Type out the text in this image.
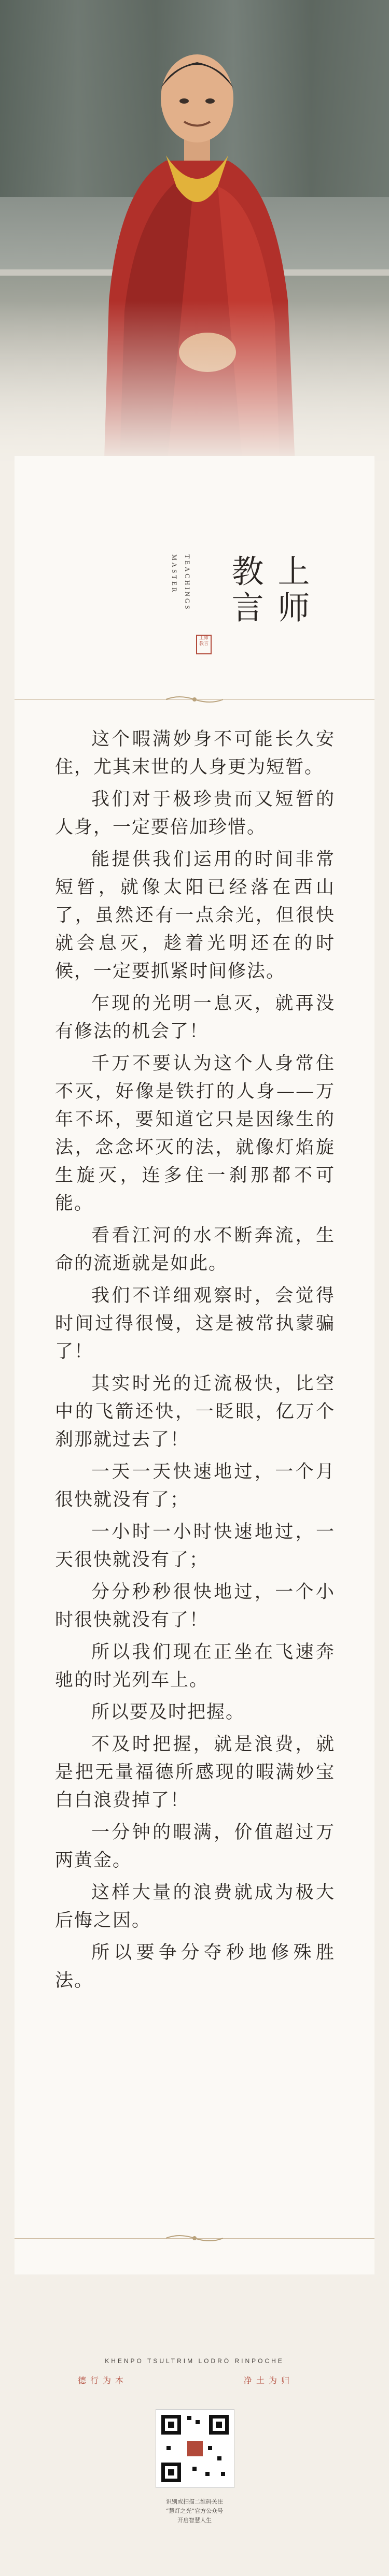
MASTER TEACHINGS
上师
教言
上师教言

这个暇满妙身不可能长久安住，尤其末世的人身更为短暂。

我们对于极珍贵而又短暂的人身，一定要倍加珍惜。

能提供我们运用的时间非常短暂，就像太阳已经落在西山了，虽然还有一点余光，但很快就会息灭，趁着光明还在的时候，一定要抓紧时间修法。

乍现的光明一息灭，就再没有修法的机会了！

千万不要认为这个人身常住不灭，好像是铁打的人身——万年不坏，要知道它只是因缘生的法，念念坏灭的法，就像灯焰旋生旋灭，连多住一刹那都不可能。

看看江河的水不断奔流，生命的流逝就是如此。

我们不详细观察时，会觉得时间过得很慢，这是被常执蒙骗了！

其实时光的迁流极快，比空中的飞箭还快，一眨眼，亿万个刹那就过去了！

一天一天快速地过，一个月很快就没有了；

一小时一小时快速地过，一天很快就没有了；

分分秒秒很快地过，一个小时很快就没有了！

所以我们现在正坐在飞速奔驰的时光列车上。

所以要及时把握。

不及时把握，就是浪费，就是把无量福德所感现的暇满妙宝白白浪费掉了！

一分钟的暇满，价值超过万两黄金。

这样大量的浪费就成为极大后悔之因。

所以要争分夺秒地修殊胜法。

KHENPO TSULTRIM LODRÖ RINPOCHE
德行为本	净土为归
识别或扫描二维码关注
“慧灯之光”官方公众号
开启智慧人生
